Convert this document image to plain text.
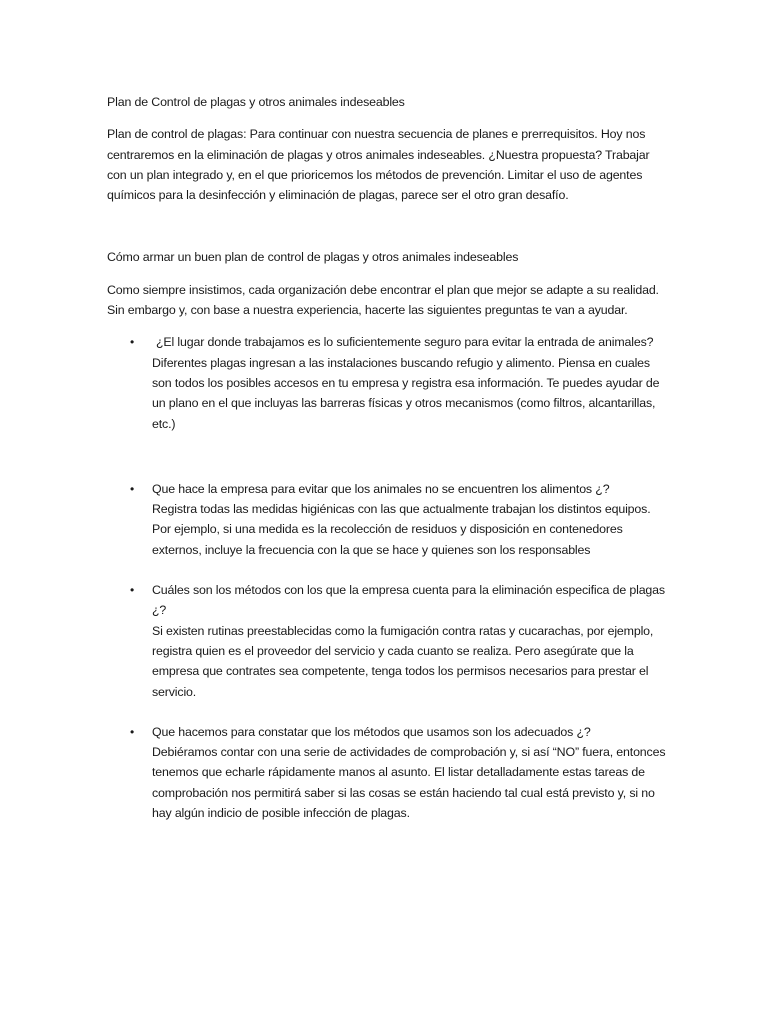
Plan de Control de plagas y otros animales indeseables

Plan de control de plagas: Para continuar con nuestra secuencia de planes e prerrequisitos. Hoy nos centraremos en la eliminación de plagas y otros animales indeseables. ¿Nuestra propuesta? Trabajar con un plan integrado y, en el que prioricemos los métodos de prevención. Limitar el uso de agentes químicos para la desinfección y eliminación de plagas, parece ser el otro gran desafío.

Cómo armar un buen plan de control de plagas y otros animales indeseables

Como siempre insistimos, cada organización debe encontrar el plan que mejor se adapte a su realidad. Sin embargo y, con base a nuestra experiencia, hacerte las siguientes preguntas te van a ayudar.

•	¿El lugar donde trabajamos es lo suficientemente seguro para evitar la entrada de animales?
Diferentes plagas ingresan a las instalaciones buscando refugio y alimento. Piensa en cuales son todos los posibles accesos en tu empresa y registra esa información. Te puedes ayudar de un plano en el que incluyas las barreras físicas y otros mecanismos (como filtros, alcantarillas, etc.)
• Que hace la empresa para evitar que los animales no se encuentren los alimentos ¿?
Registra todas las medidas higiénicas con las que actualmente trabajan los distintos equipos. Por ejemplo, si una medida es la recolección de residuos y disposición en contenedores externos, incluye la frecuencia con la que se hace y quienes son los responsables
• Cuáles son los métodos con los que la empresa cuenta para la eliminación especifica de plagas ¿?
Si existen rutinas preestablecidas como la fumigación contra ratas y cucarachas, por ejemplo, registra quien es el proveedor del servicio y cada cuanto se realiza. Pero asegúrate que la empresa que contrates sea competente, tenga todos los permisos necesarios para prestar el servicio.
• Que hacemos para constatar que los métodos que usamos son los adecuados ¿?
Debiéramos contar con una serie de actividades de comprobación y, si así “NO” fuera, entonces tenemos que echarle rápidamente manos al asunto. El listar detalladamente estas tareas de comprobación nos permitirá saber si las cosas se están haciendo tal cual está previsto y, si no hay algún indicio de posible infección de plagas.
